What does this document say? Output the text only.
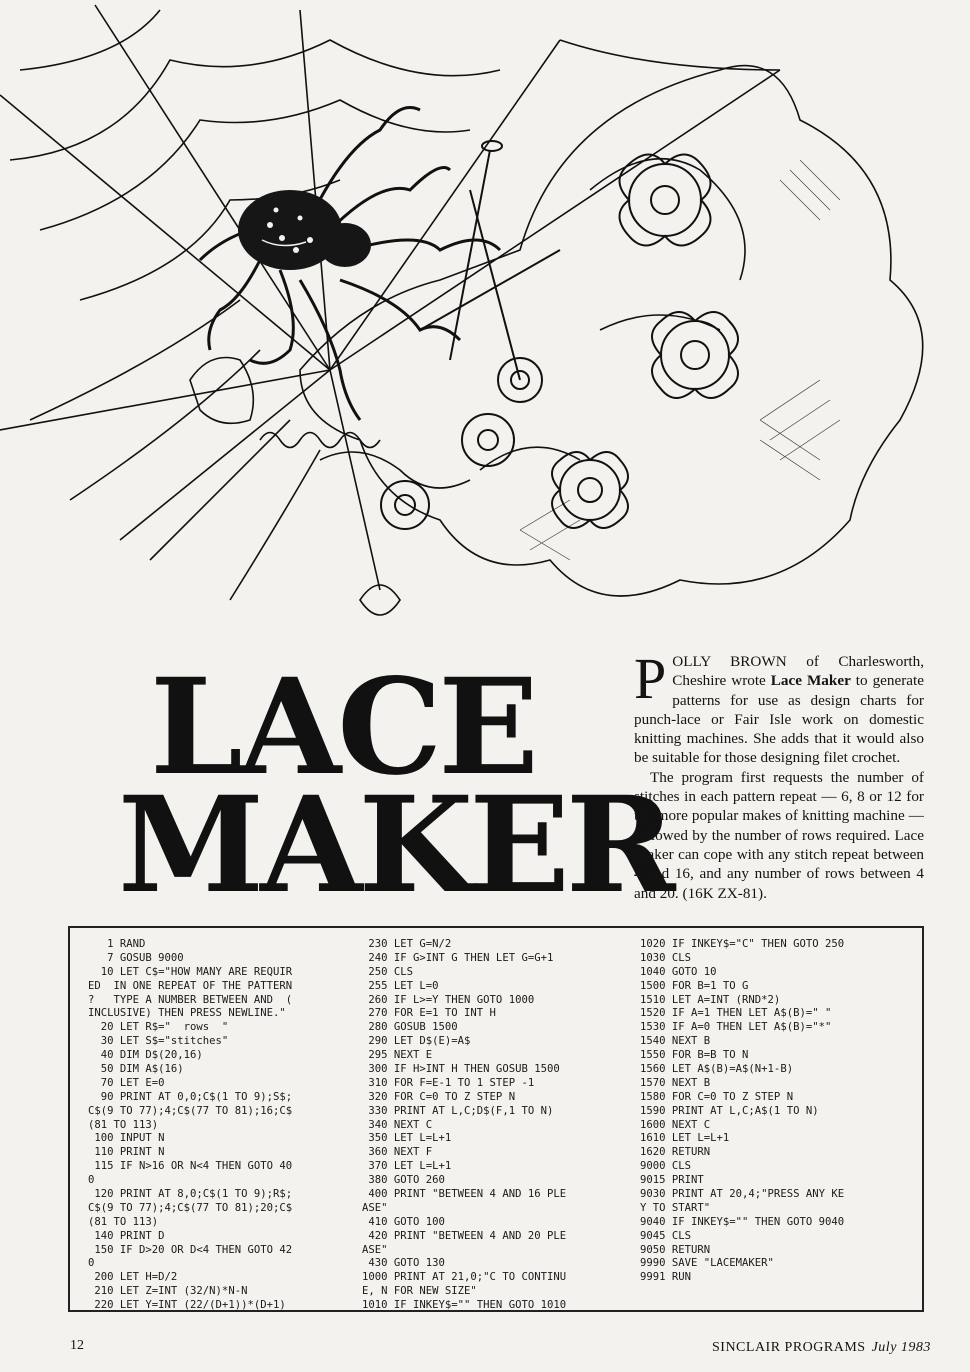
LACE
MAKER

POLLY BROWN of Charlesworth, Cheshire wrote Lace Maker to generate patterns for use as design charts for punch-lace or Fair Isle work on domestic knitting machines. She adds that it would also be suitable for those designing filet crochet.

The program first requests the number of stitches in each pattern repeat — 6, 8 or 12 for the more popular makes of knitting machine — followed by the number of rows required. Lace Maker can cope with any stitch repeat between 4 and 16, and any number of rows between 4 and 20. (16K ZX-81).

1 RAND
7 GOSUB 9000
10 LET C$="HOW MANY ARE REQUIR
ED  IN ONE REPEAT OF THE PATTERN
?   TYPE A NUMBER BETWEEN AND  (
INCLUSIVE) THEN PRESS NEWLINE."
20 LET R$="  rows  "
30 LET S$="stitches"
40 DIM D$(20,16)
50 DIM A$(16)
70 LET E=0
90 PRINT AT 0,0;C$(1 TO 9);S$;
C$(9 TO 77);4;C$(77 TO 81);16;C$
(81 TO 113)
100 INPUT N
110 PRINT N
115 IF N>16 OR N<4 THEN GOTO 40
0
120 PRINT AT 8,0;C$(1 TO 9);R$;
C$(9 TO 77);4;C$(77 TO 81);20;C$
(81 TO 113)
140 PRINT D
150 IF D>20 OR D<4 THEN GOTO 42
0
200 LET H=D/2
210 LET Z=INT (32/N)*N-N
220 LET Y=INT (22/(D+1))*(D+1)
230 LET G=N/2
240 IF G>INT G THEN LET G=G+1
250 CLS
255 LET L=0
260 IF L>=Y THEN GOTO 1000
270 FOR E=1 TO INT H
280 GOSUB 1500
290 LET D$(E)=A$
295 NEXT E
300 IF H>INT H THEN GOSUB 1500
310 FOR F=E-1 TO 1 STEP -1
320 FOR C=0 TO Z STEP N
330 PRINT AT L,C;D$(F,1 TO N)
340 NEXT C
350 LET L=L+1
360 NEXT F
370 LET L=L+1
380 GOTO 260
400 PRINT "BETWEEN 4 AND 16 PLE
ASE"
410 GOTO 100
420 PRINT "BETWEEN 4 AND 20 PLE
ASE"
430 GOTO 130
1000 PRINT AT 21,0;"C TO CONTINU
E, N FOR NEW SIZE"
1010 IF INKEY$="" THEN GOTO 1010
1020 IF INKEY$="C" THEN GOTO 250
1030 CLS
1040 GOTO 10
1500 FOR B=1 TO G
1510 LET A=INT (RND*2)
1520 IF A=1 THEN LET A$(B)=" "
1530 IF A=0 THEN LET A$(B)="*"
1540 NEXT B
1550 FOR B=B TO N
1560 LET A$(B)=A$(N+1-B)
1570 NEXT B
1580 FOR C=0 TO Z STEP N
1590 PRINT AT L,C;A$(1 TO N)
1600 NEXT C
1610 LET L=L+1
1620 RETURN
9000 CLS
9015 PRINT
9030 PRINT AT 20,4;"PRESS ANY KE
Y TO START"
9040 IF INKEY$="" THEN GOTO 9040
9045 CLS
9050 RETURN
9990 SAVE "LACEMAKER"
9991 RUN
12	SINCLAIR PROGRAMS July 1983
